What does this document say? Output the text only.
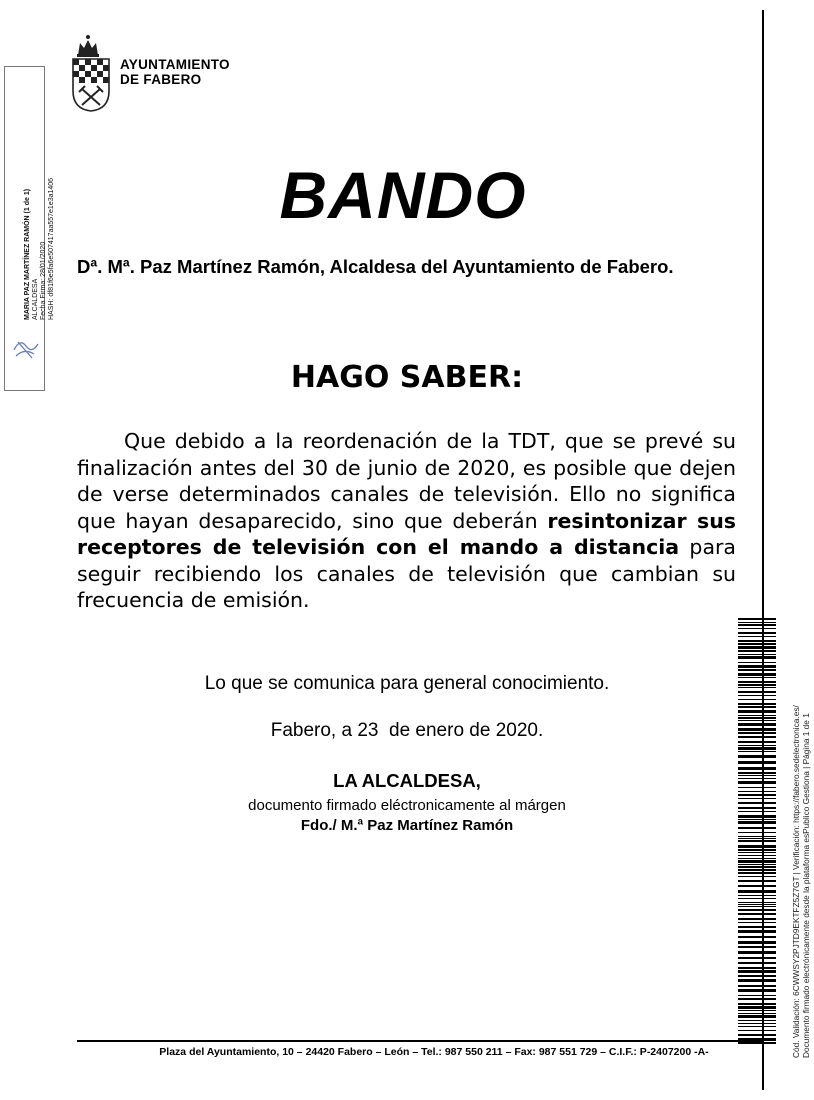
AYUNTAMIENTO
DE FABERO
MARIA PAZ MARTÍNEZ RAMÓN (1 de 1) ALCALDESA Fecha Firma: 28/01/2020 HASH: df81f6e5fa6e507417aa557e1e3a1406	BANDO
Dª. Mª. Paz Martínez Ramón, Alcaldesa del Ayuntamiento de Fabero.
HAGO SABER:
Que debido a la reordenación de la TDT, que se prevé su finalización antes del 30 de junio de 2020, es posible que dejen de verse determinados canales de televisión. Ello no significa que hayan desaparecido, sino que deberán resintonizar sus receptores de televisión con el mando a distancia para seguir recibiendo los canales de televisión que cambian su frecuencia de emisión.
Lo que se comunica para general conocimiento.
Fabero, a 23  de enero de 2020.
LA ALCALDESA,
documento firmado eléctronicamente al márgen
Fdo./ M.ª Paz Martínez Ramón	Cód. Validación: 6CWWSY2PJTD9EKTFZ5Z7GT | Verificación: https://fabero.sedelectronica.es/ Documento firmado electrónicamente desde la plataforma esPublico Gestiona | Página 1 de 1
Plaza del Ayuntamiento, 10 – 24420 Fabero – León – Tel.: 987 550 211 – Fax: 987 551 729 – C.I.F.: P-2407200 -A-
